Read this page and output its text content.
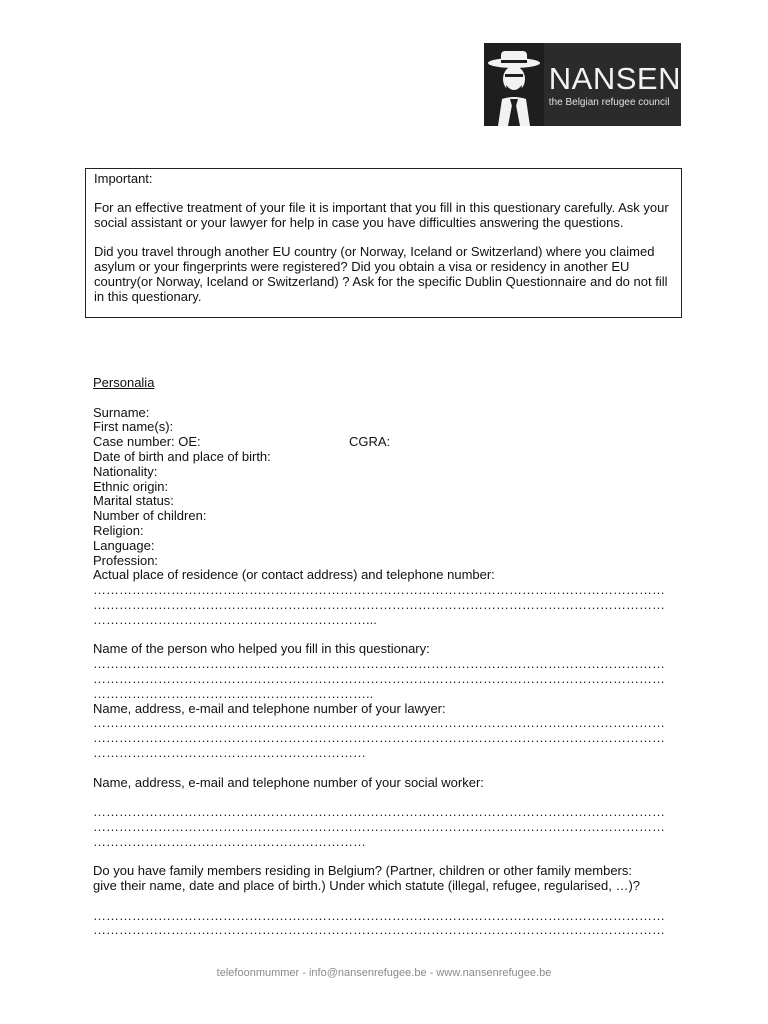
NANSEN
the Belgian refugee council

Important:

For an effective treatment of your file it is important that you fill in this questionary carefully. Ask your social assistant or your lawyer for help in case you have difficulties answering the questions.

Did you travel through another EU country (or Norway, Iceland or Switzerland) where you claimed asylum or your fingerprints were registered? Did you obtain a visa or residency in another EU country(or Norway, Iceland or Switzerland) ? Ask for the specific Dublin Questionnaire and do not fill in this questionary.

Personalia
Surname:
First name(s):
Case number: OE:	CGRA:
Date of birth and place of birth:
Nationality:
Ethnic origin:
Marital status:
Number of children:
Religion:
Language:
Profession:
Actual place of residence (or contact address) and telephone number:
……………………………………………………………………………………………………………………
……………………………………………………………………………………………………………………
………………………………………………………...
Name of the person who helped you fill in this questionary:
……………………………………………………………………………………………………………………
……………………………………………………………………………………………………………………
………………………………………………………..
Name, address, e-mail and telephone number of your lawyer:
……………………………………………………………………………………………………………………
……………………………………………………………………………………………………………………
………………………………………………………
Name, address, e-mail and telephone number of your social worker:
……………………………………………………………………………………………………………………
……………………………………………………………………………………………………………………
………………………………………………………
Do you have family members residing in Belgium? (Partner, children or other family members:
give their name, date and place of birth.) Under which statute (illegal, refugee, regularised, …)?
……………………………………………………………………………………………………………………
……………………………………………………………………………………………………………………
telefoonmummer - info@nansenrefugee.be - www.nansenrefugee.be
